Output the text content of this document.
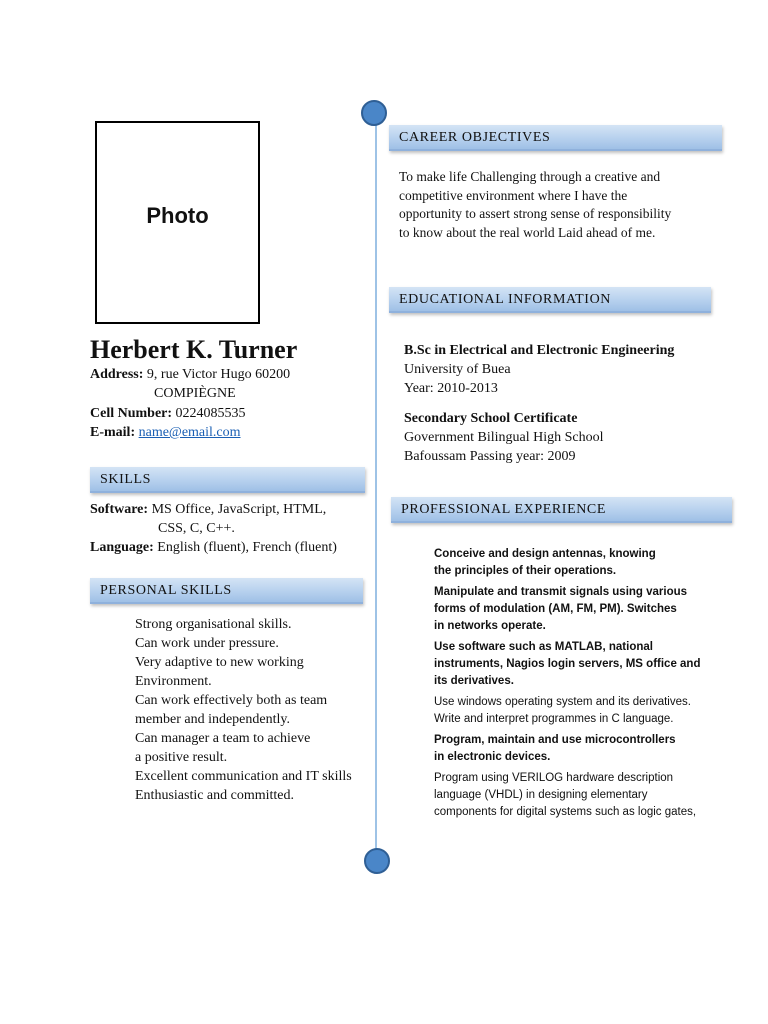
Photo
Herbert K. Turner
Address: 9, rue Victor Hugo 60200
COMPIÈGNE
Cell Number: 0224085535
E-mail: name@email.com
SKILLS
Software: MS Office, JavaScript, HTML,
CSS, C, C++.
Language: English (fluent), French (fluent)
PERSONAL SKILLS
Strong organisational skills.
Can work under pressure.
Very adaptive to new working
Environment.
Can work effectively both as team
member and independently.
Can manager a team to achieve
a positive result.
Excellent communication and IT skills
Enthusiastic and committed.
CAREER OBJECTIVES
To make life Challenging through a creative and
competitive environment where I have the
opportunity to assert strong sense of responsibility
to know about the real world Laid ahead of me.
EDUCATIONAL INFORMATION
B.Sc in Electrical and Electronic Engineering
University of Buea
Year: 2010-2013
Secondary School Certificate
Government Bilingual High School
Bafoussam Passing year: 2009
PROFESSIONAL EXPERIENCE
Conceive and design antennas, knowing
the principles of their operations.
Manipulate and transmit signals using various
forms of modulation (AM, FM, PM). Switches
in networks operate.
Use software such as MATLAB, national
instruments, Nagios login servers, MS office and
its derivatives.
Use windows operating system and its derivatives.
Write and interpret programmes in C language.
Program, maintain and use microcontrollers
in electronic devices.
Program using VERILOG hardware description
language (VHDL) in designing elementary
components for digital systems such as logic gates,
